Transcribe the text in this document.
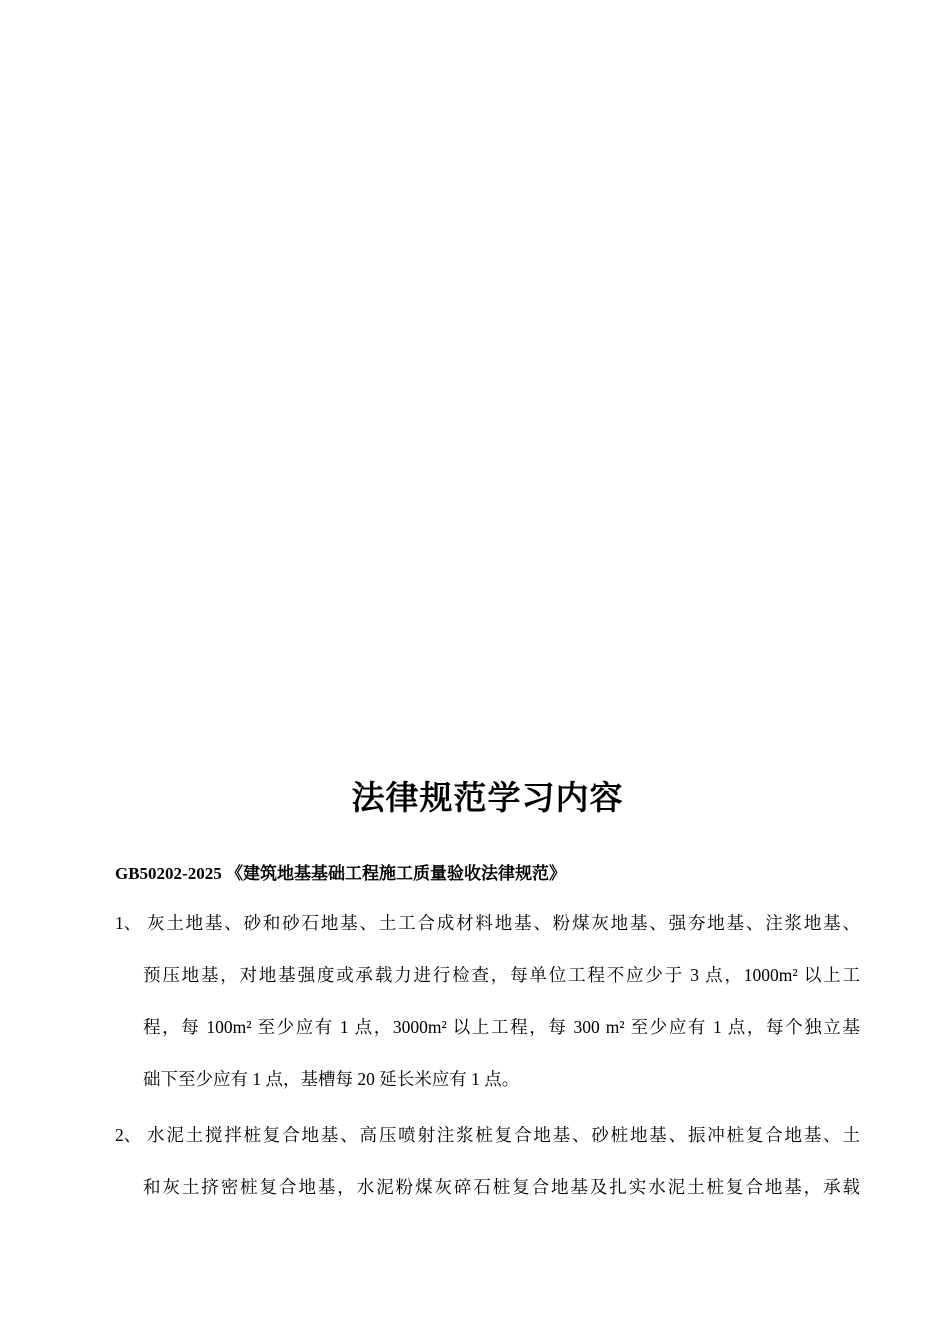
法律规范学习内容

GB50202-2025 《建筑地基基础工程施工质量验收法律规范》

1、 灰土地基、砂和砂石地基、土工合成材料地基、粉煤灰地基、强夯地基、注浆地基、
预压地基，对地基强度或承载力进行检查，每单位工程不应少于 3 点，1000m² 以上工
程，每 100m² 至少应有 1 点，3000m² 以上工程，每 300 m² 至少应有 1 点，每个独立基
础下至少应有 1 点，基槽每 20 延长米应有 1 点。
2、 水泥土搅拌桩复合地基、高压喷射注浆桩复合地基、砂桩地基、振冲桩复合地基、土
和灰土挤密桩复合地基，水泥粉煤灰碎石桩复合地基及扎实水泥土桩复合地基，承载
